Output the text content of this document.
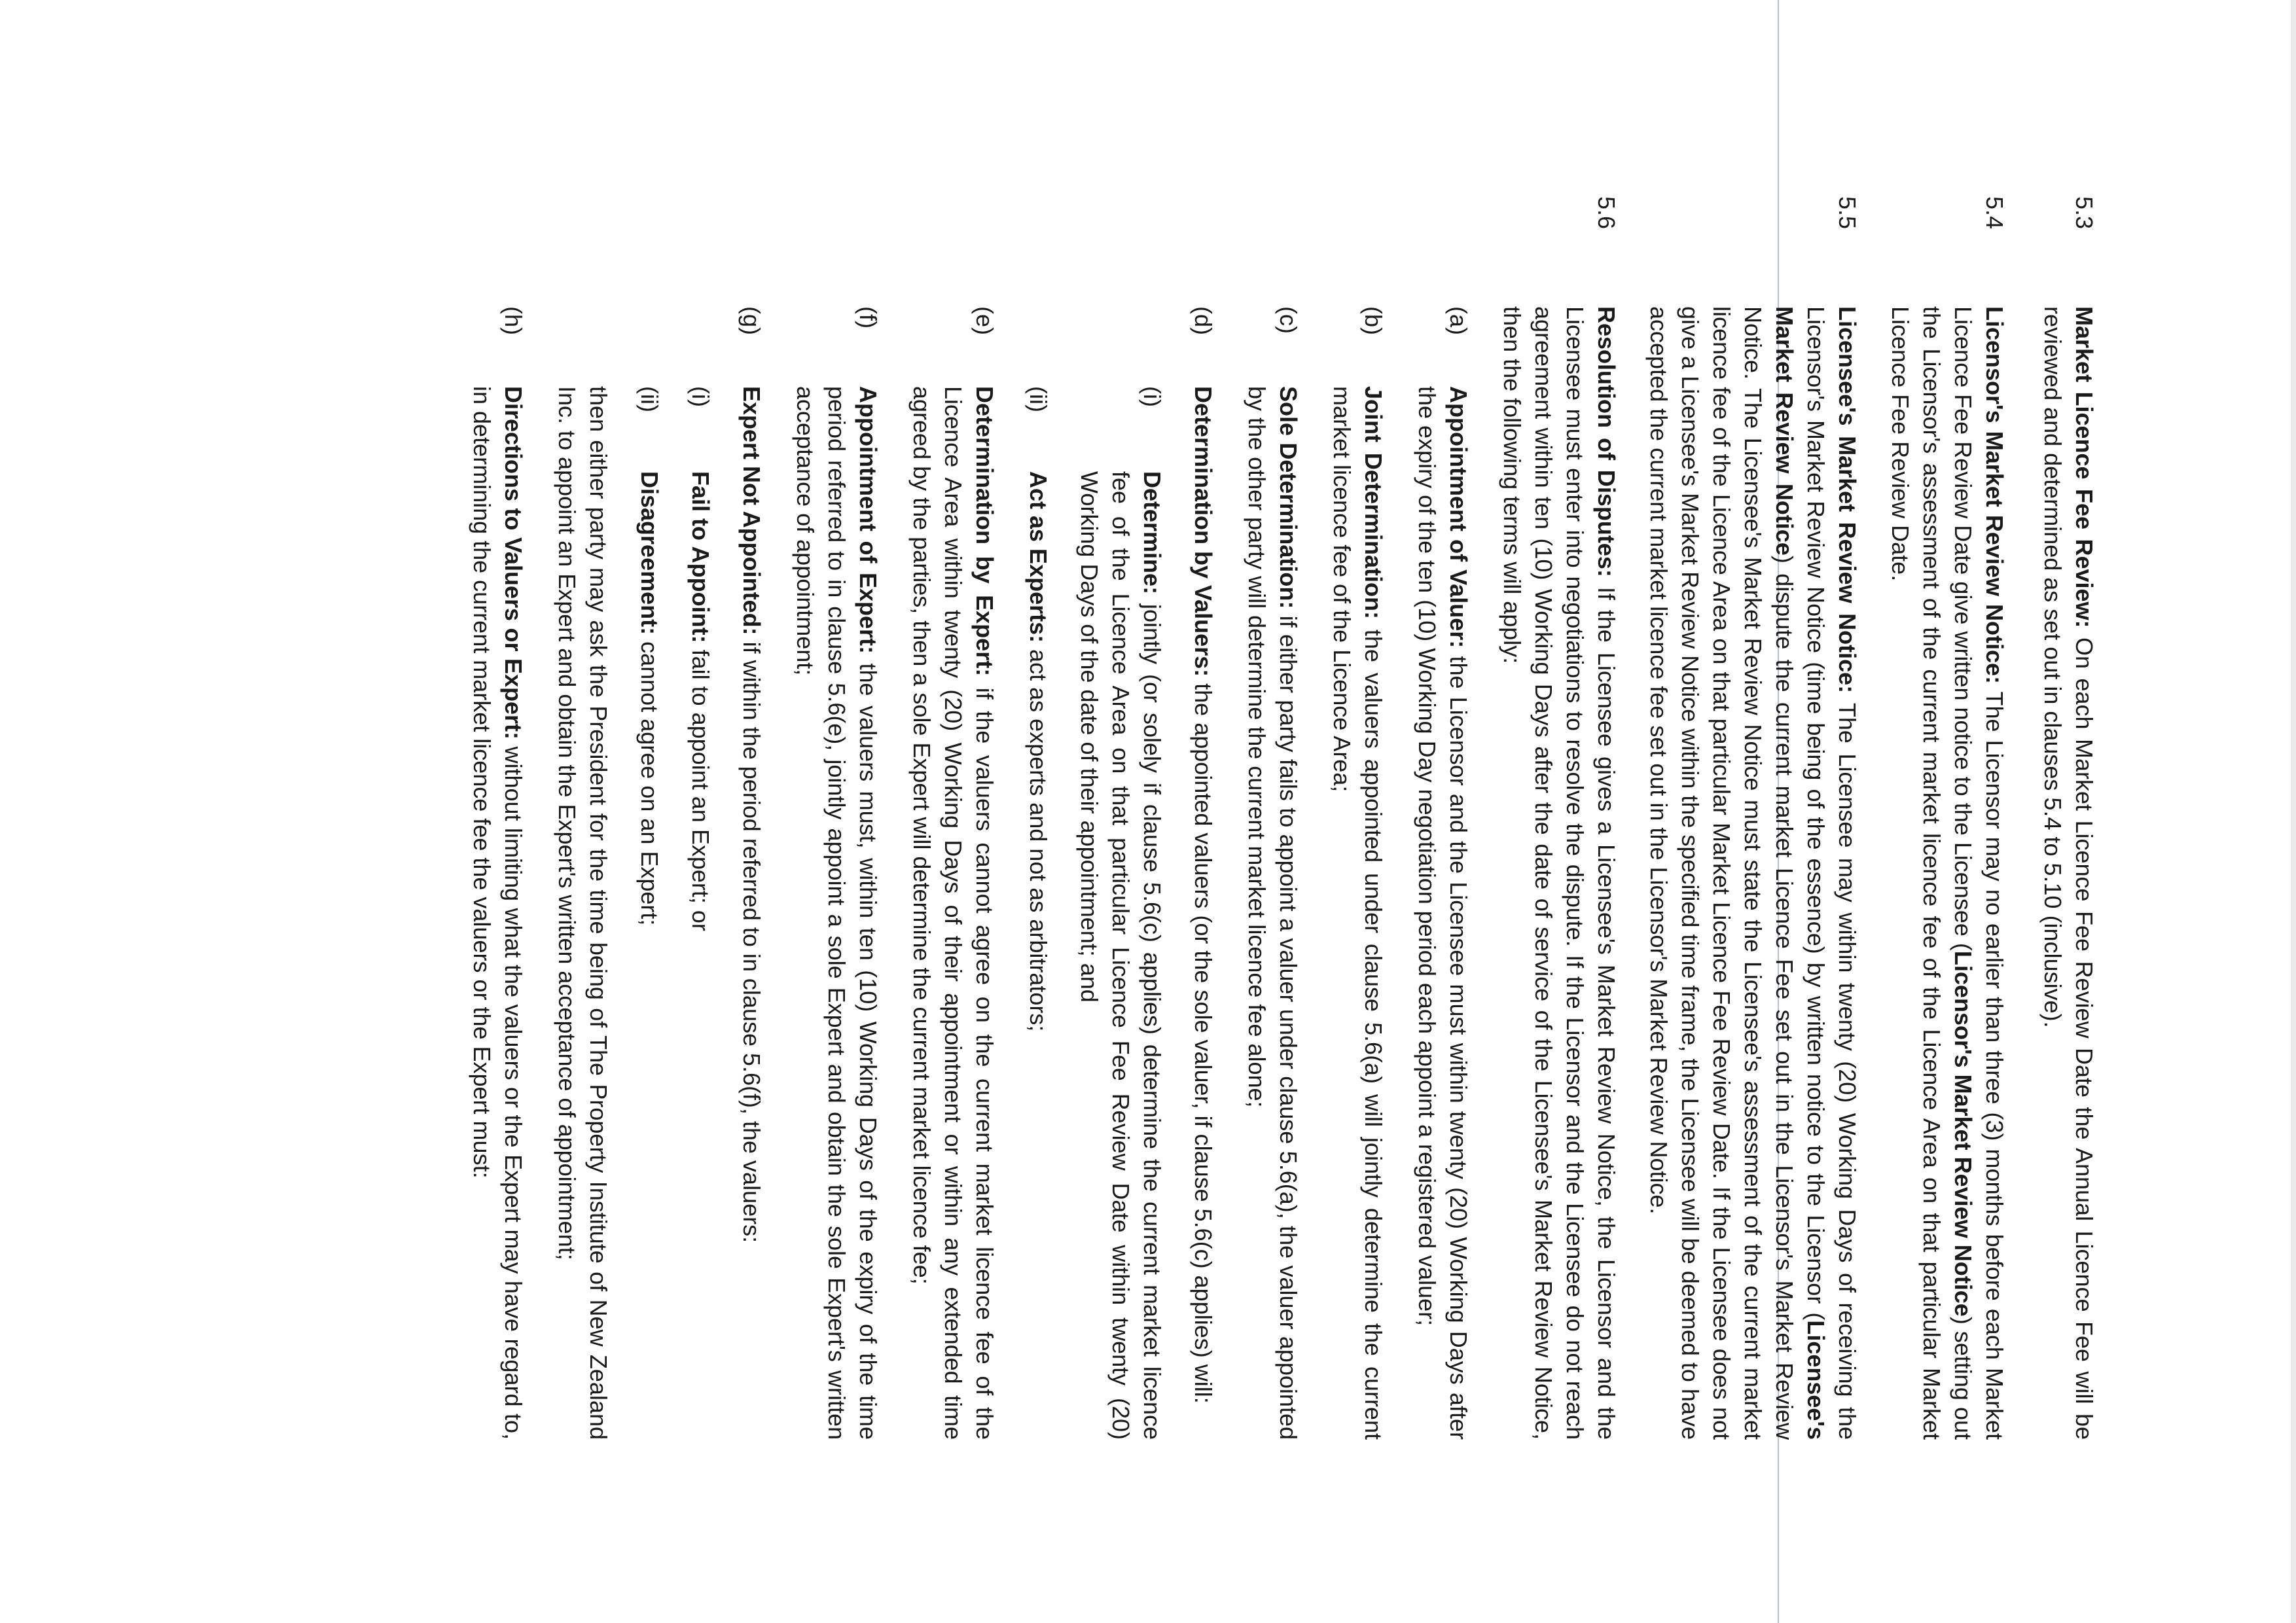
5.3
Market Licence Fee Review: On each Market Licence Fee Review Date the Annual Licence Fee will be reviewed and determined as set out in clauses 5.4 to 5.10 (inclusive).
5.4
Licensor's Market Review Notice: The Licensor may no earlier than three (3) months before each Market Licence Fee Review Date give written notice to the Licensee (Licensor's Market Review Notice) setting out the Licensor's assessment of the current market licence fee of the Licence Area on that particular Market Licence Fee Review Date.
5.5
Licensee's Market Review Notice: The Licensee may within twenty (20) Working Days of receiving the Licensor's Market Review Notice (time being of the essence) by written notice to the Licensor (Licensee's Market Review Notice) dispute the current market Licence Fee set out in the Licensor's Market Review Notice. The Licensee's Market Review Notice must state the Licensee's assessment of the current market licence fee of the Licence Area on that particular Market Licence Fee Review Date. If the Licensee does not give a Licensee's Market Review Notice within the specified time frame, the Licensee will be deemed to have accepted the current market licence fee set out in the Licensor's Market Review Notice.
5.6
Resolution of Disputes: If the Licensee gives a Licensee's Market Review Notice, the Licensor and the Licensee must enter into negotiations to resolve the dispute. If the Licensor and the Licensee do not reach agreement within ten (10) Working Days after the date of service of the Licensee's Market Review Notice, then the following terms will apply:
(a)
Appointment of Valuer: the Licensor and the Licensee must within twenty (20) Working Days after the expiry of the ten (10) Working Day negotiation period each appoint a registered valuer;
(b)
Joint Determination: the valuers appointed under clause 5.6(a) will jointly determine the current market licence fee of the Licence Area;
(c)
Sole Determination: if either party fails to appoint a valuer under clause 5.6(a), the valuer appointed by the other party will determine the current market licence fee alone;
(d)
Determination by Valuers: the appointed valuers (or the sole valuer, if clause 5.6(c) applies) will:
(i)
Determine: jointly (or solely if clause 5.6(c) applies) determine the current market licence fee of the Licence Area on that particular Licence Fee Review Date within twenty (20) Working Days of the date of their appointment; and
(ii)
Act as Experts: act as experts and not as arbitrators;
(e)
Determination by Expert: if the valuers cannot agree on the current market licence fee of the Licence Area within twenty (20) Working Days of their appointment or within any extended time agreed by the parties, then a sole Expert will determine the current market licence fee;
(f)
Appointment of Expert: the valuers must, within ten (10) Working Days of the expiry of the time period referred to in clause 5.6(e), jointly appoint a sole Expert and obtain the sole Expert's written acceptance of appointment;
(g)
Expert Not Appointed: if within the period referred to in clause 5.6(f), the valuers:
(i)
Fail to Appoint: fail to appoint an Expert; or
(ii)
Disagreement: cannot agree on an Expert;
then either party may ask the President for the time being of The Property Institute of New Zealand Inc. to appoint an Expert and obtain the Expert's written acceptance of appointment;
(h)
Directions to Valuers or Expert: without limiting what the valuers or the Expert may have regard to, in determining the current market licence fee the valuers or the Expert must:
